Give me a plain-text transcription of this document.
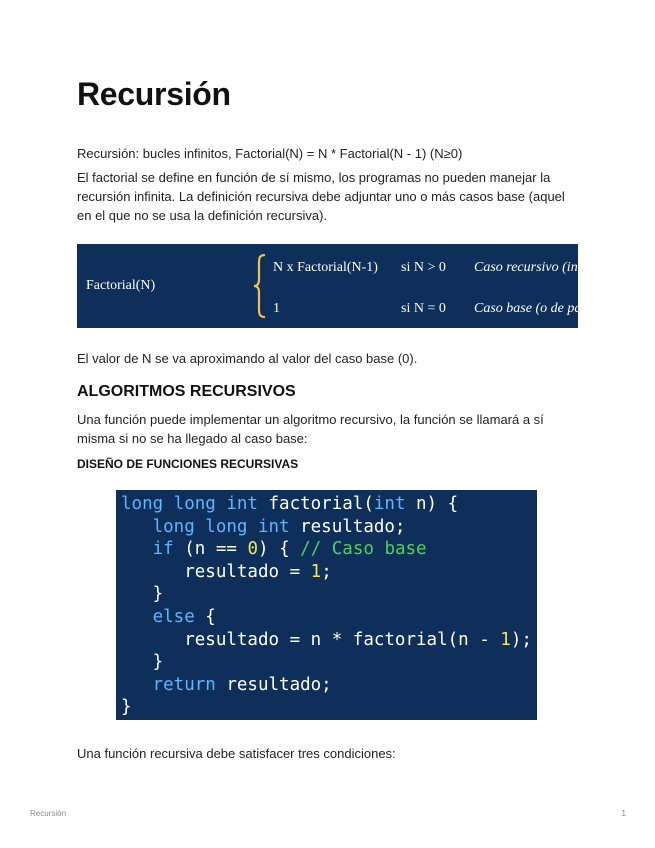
Recursión

Recursión: bucles infinitos, Factorial(N) = N * Factorial(N - 1) (N≥0)

El factorial se define en función de sí mismo, los programas no pueden manejar la recursión infinita. La definición recursiva debe adjuntar uno o más casos base (aquel en el que no se usa la definición recursiva).

Factorial(N)
N x Factorial(N-1) si N > 0 Caso recursivo (inducción)
1	si N = 0 Caso base (o de parada)

El valor de N se va aproximando al valor del caso base (0).

ALGORITMOS RECURSIVOS

Una función puede implementar un algoritmo recursivo, la función se llamará a sí misma si no se ha llegado al caso base:

DISEÑO DE FUNCIONES RECURSIVAS
long long int factorial(int n) {
long long int resultado;
if (n == 0) { // Caso base
resultado = 1;
}
else {
resultado = n * factorial(n - 1);
}
return resultado;
}

Una función recursiva debe satisfacer tres condiciones:

Recursión	1
